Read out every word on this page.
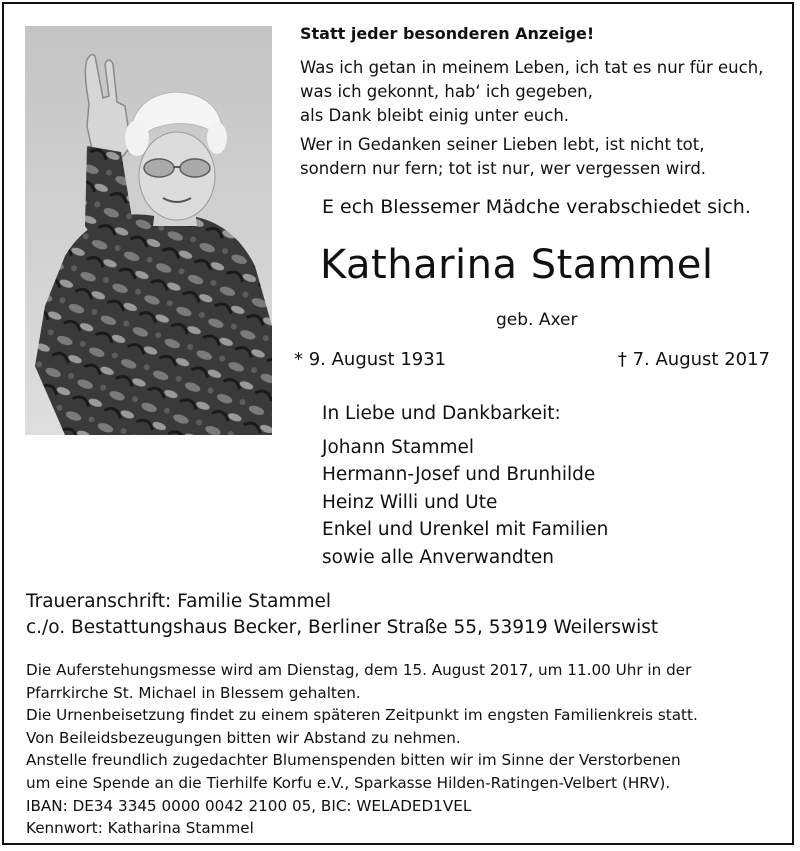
Statt jeder besonderen Anzeige!
Was ich getan in meinem Leben, ich tat es nur für euch,
was ich gekonnt, hab‘ ich gegeben,
als Dank bleibt einig unter euch.
Wer in Gedanken seiner Lieben lebt, ist nicht tot,
sondern nur fern; tot ist nur, wer vergessen wird.
E ech Blessemer Mädche verabschiedet sich.
Katharina Stammel
geb. Axer
* 9. August 1931	† 7. August 2017
In Liebe und Dankbarkeit:
Johann Stammel
Hermann-Josef und Brunhilde
Heinz Willi und Ute
Enkel und Urenkel mit Familien
sowie alle Anverwandten
Traueranschrift: Familie Stammel
c./o. Bestattungshaus Becker, Berliner Straße 55, 53919 Weilerswist
Die Auferstehungsmesse wird am Dienstag, dem 15. August 2017, um 11.00 Uhr in der
Pfarrkirche St. Michael in Blessem gehalten.
Die Urnenbeisetzung findet zu einem späteren Zeitpunkt im engsten Familienkreis statt.
Von Beileidsbezeugungen bitten wir Abstand zu nehmen.
Anstelle freundlich zugedachter Blumenspenden bitten wir im Sinne der Verstorbenen
um eine Spende an die Tierhilfe Korfu e.V., Sparkasse Hilden-Ratingen-Velbert (HRV).
IBAN: DE34 3345 0000 0042 2100 05, BIC: WELADED1VEL
Kennwort: Katharina Stammel
